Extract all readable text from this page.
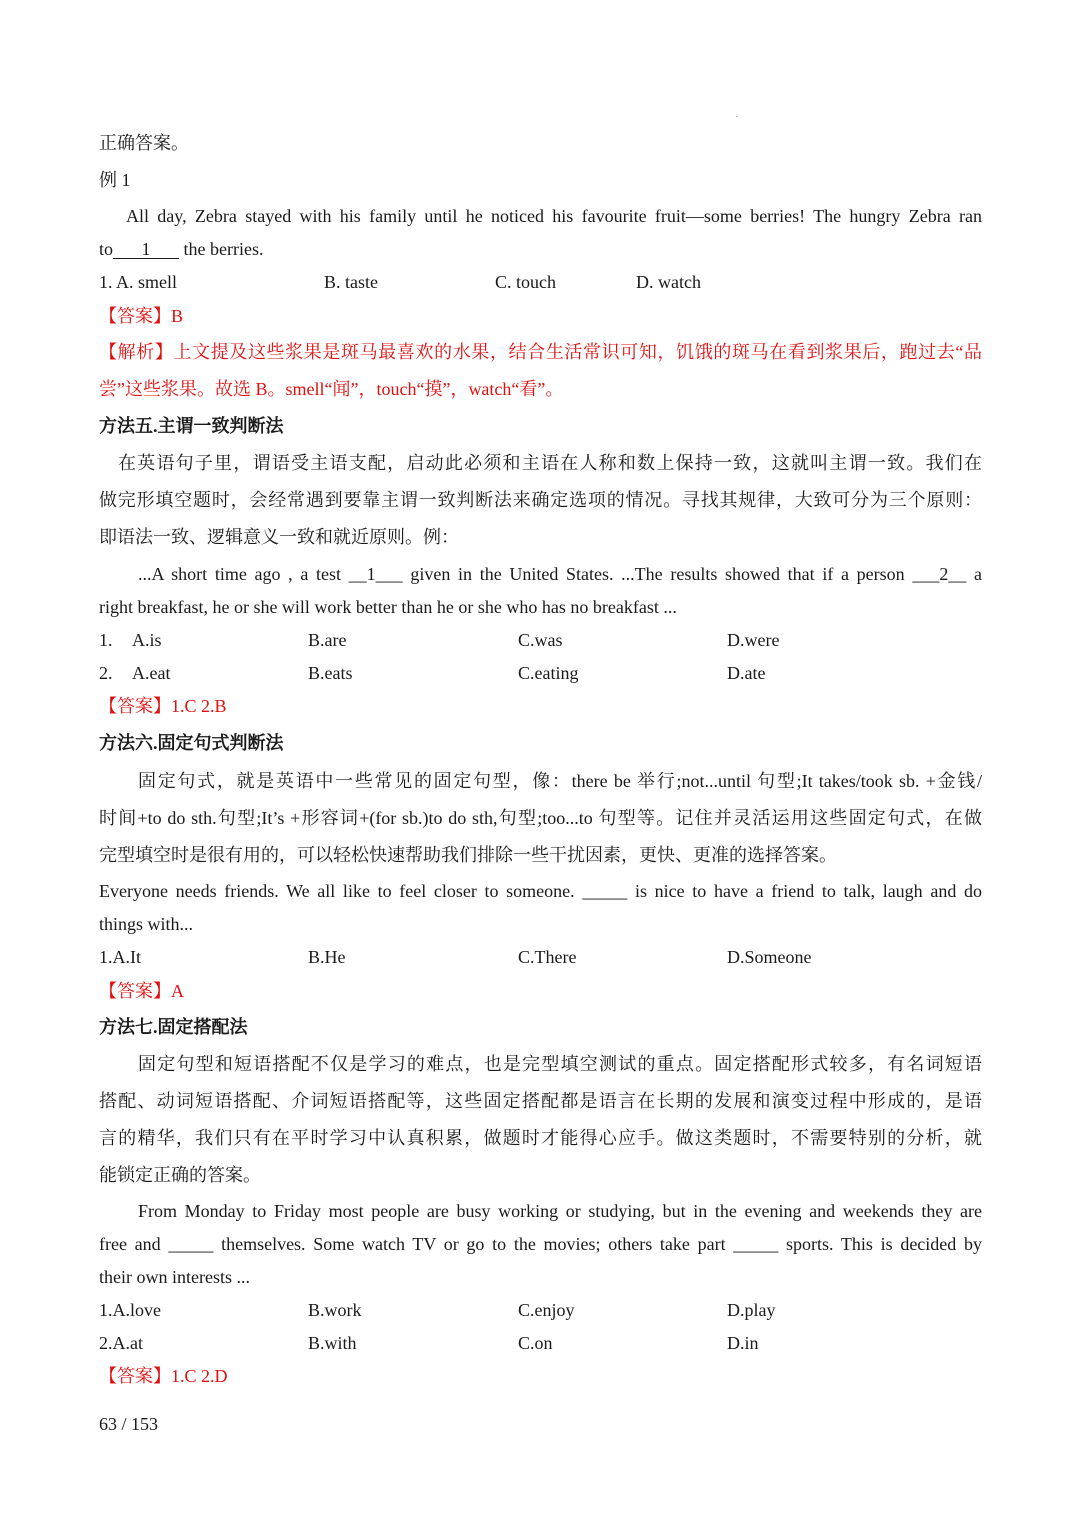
正确答案。
例 1
All day, Zebra stayed with his family until he noticed his favourite fruit—some berries! The hungry Zebra ran
to 1 the berries.
1. A. smell	B. taste	C. touch	D. watch
【答案】B
【解析】上文提及这些浆果是斑马最喜欢的水果，结合生活常识可知，饥饿的斑马在看到浆果后，跑过去“品
尝”这些浆果。故选 B。smell“闻”，touch“摸”，watch“看”。
方法五.主谓一致判断法
在英语句子里，谓语受主语支配，启动此必须和主语在人称和数上保持一致，这就叫主谓一致。我们在
做完形填空题时，会经常遇到要靠主谓一致判断法来确定选项的情况。寻找其规律，大致可分为三个原则：
即语法一致、逻辑意义一致和就近原则。例：
...A short time ago , a test __1___ given in the United States. ...The results showed that if a person ___2__ a
right breakfast, he or she will work better than he or she who has no breakfast ...
1. A.is	B.are	C.was	D.were
2. A.eat	B.eats	C.eating	D.ate
【答案】1.C 2.B
方法六.固定句式判断法
固定句式，就是英语中一些常见的固定句型，像：there be 举行;not...until 句型;It takes/took sb. +金钱/
时间+to do sth.句型;It’s +形容词+(for sb.)to do sth,句型;too...to 句型等。记住并灵活运用这些固定句式，在做
完型填空时是很有用的，可以轻松快速帮助我们排除一些干扰因素，更快、更准的选择答案。
Everyone needs friends. We all like to feel closer to someone. _____ is nice to have a friend to talk, laugh and do
things with...
1.A.It	B.He	C.There	D.Someone
【答案】A
方法七.固定搭配法
固定句型和短语搭配不仅是学习的难点，也是完型填空测试的重点。固定搭配形式较多，有名词短语
搭配、动词短语搭配、介词短语搭配等，这些固定搭配都是语言在长期的发展和演变过程中形成的，是语
言的精华，我们只有在平时学习中认真积累，做题时才能得心应手。做这类题时，不需要特别的分析，就
能锁定正确的答案。
From Monday to Friday most people are busy working or studying, but in the evening and weekends they are
free and _____ themselves. Some watch TV or go to the movies; others take part _____ sports. This is decided by
their own interests ...
1.A.love	B.work	C.enjoy	D.play
2.A.at	B.with	C.on	D.in
【答案】1.C 2.D
63 / 153
